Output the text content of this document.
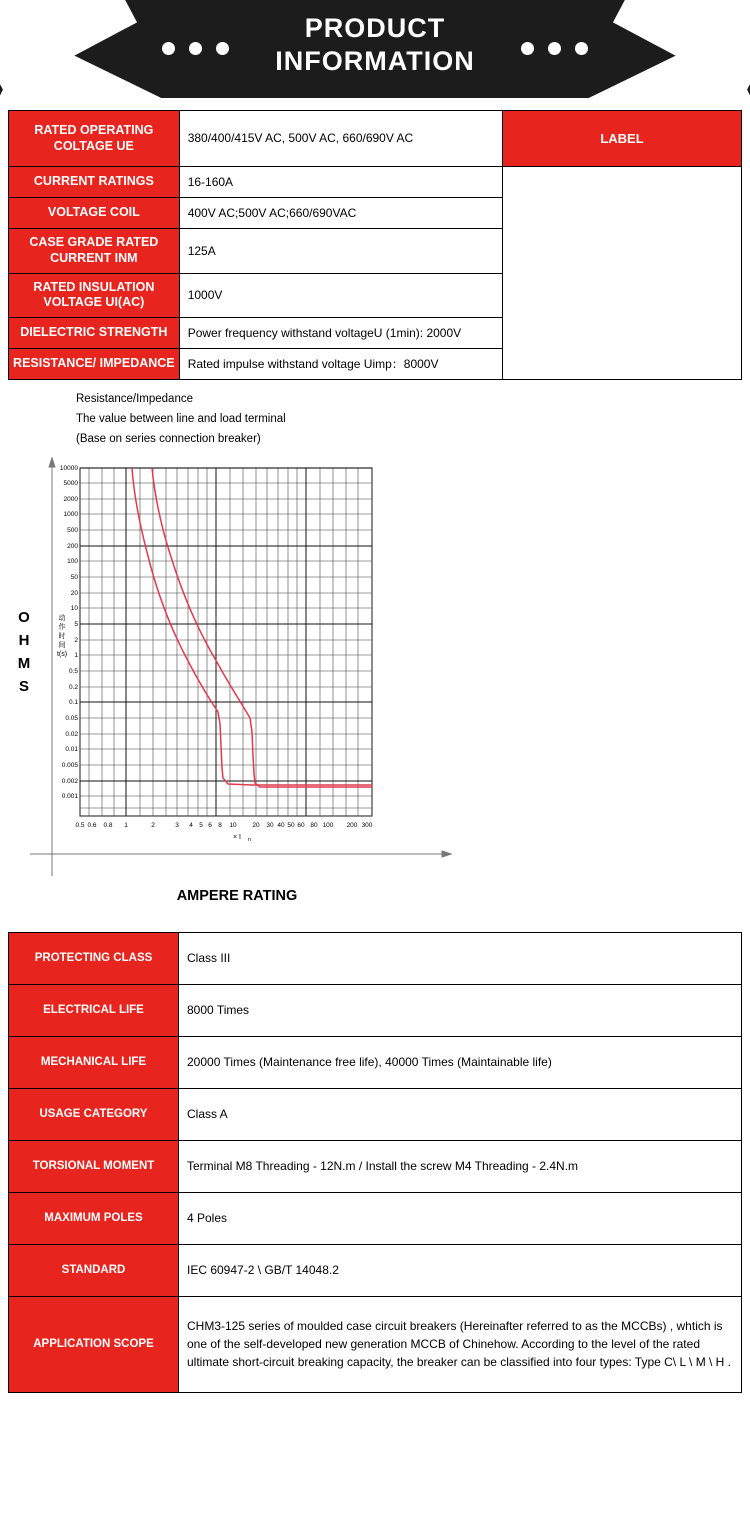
PRODUCT
INFORMATION
RATED OPERATING COLTAGE UE	380/400/415V AC, 500V AC, 660/690V AC	LABEL
CURRENT RATINGS	16-160A	
VOLTAGE COIL	400V AC;500V AC;660/690VAC	
CASE GRADE RATED CURRENT INM	125A	
RATED INSULATION VOLTAGE UI(AC)	1000V	
DIELECTRIC STRENGTH	Power frequency withstand voltageU (1min): 2000V	
RESISTANCE/ IMPEDANCE	Rated impulse withstand voltage Uimp：8000V	
Resistance/Impedance
The value between line and load terminal
(Base on series connection breaker)
O
H
M
S
10000
5000
2000
1000
500
200
100
50
20
10
5
2
1
0.5
0.2
0.1
0.05
0.02
0.01
0.005
0.002
0.001
0.5 0.6 0.8 1	2	3 4 5 6 8 10 20 30 40 50 60 80 100 200 300
动
作
时
间
t(s)
× I n
AMPERE RATING
PROTECTING CLASS	Class III
ELECTRICAL LIFE	8000 Times
MECHANICAL LIFE	20000 Times (Maintenance free life), 40000 Times (Maintainable life)
USAGE CATEGORY	Class A
TORSIONAL MOMENT	Terminal M8 Threading - 12N.m / Install the screw M4 Threading - 2.4N.m
MAXIMUM POLES	4 Poles
STANDARD	IEC 60947-2 \ GB/T 14048.2
APPLICATION SCOPE	CHM3-125 series of moulded case circuit breakers (Hereinafter referred to as the MCCBs) , whtich is one of the self-developed new generation MCCB of Chinehow. According to the level of the rated ultimate short-circuit breaking capacity, the breaker can be classified into four types: Type C\ L \ M \ H .
